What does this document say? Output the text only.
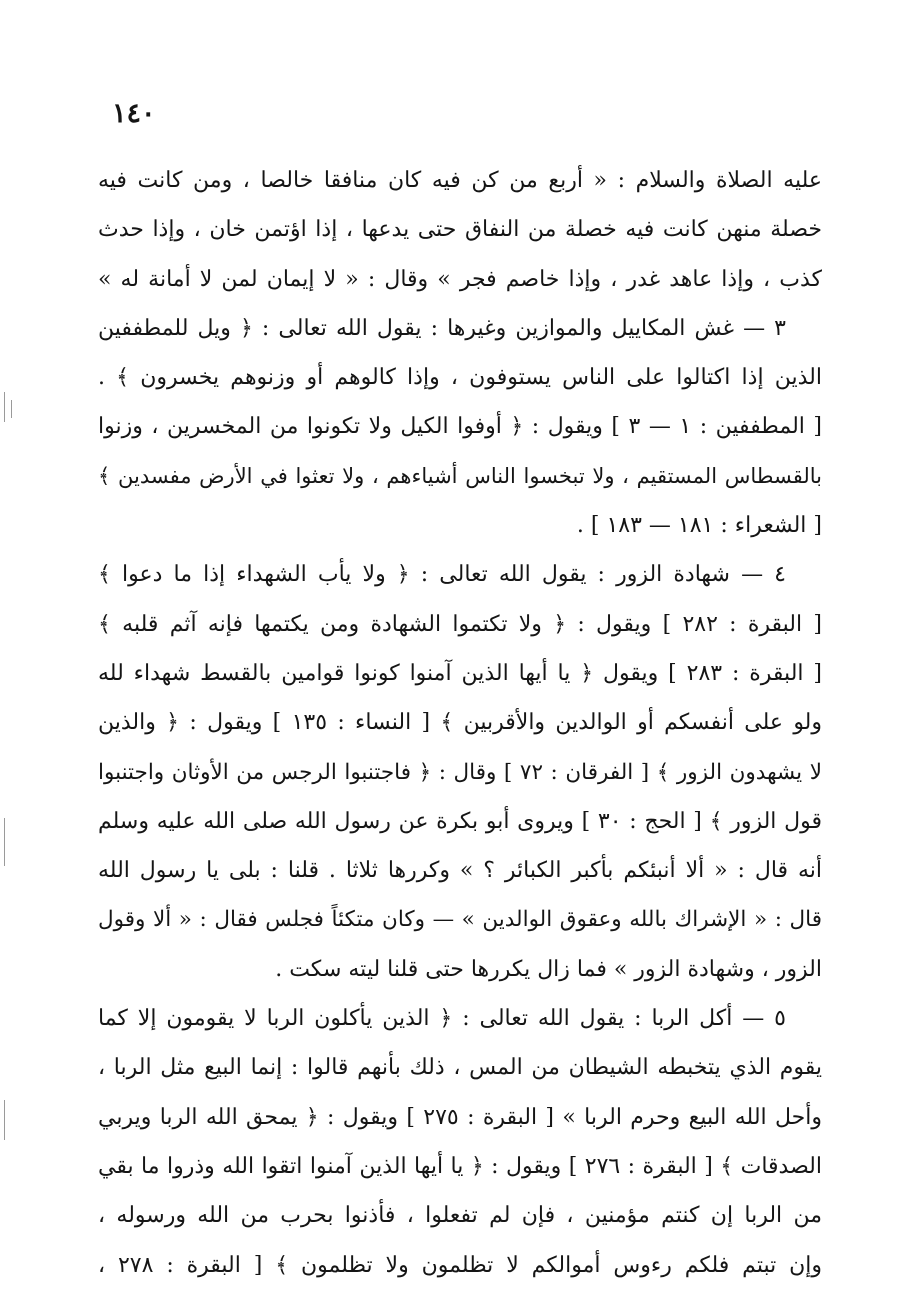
١٤٠
عليه الصلاة والسلام : « أربع من كن فيه كان منافقا خالصا ، ومن كانت فيه
خصلة منهن كانت فيه خصلة من النفاق حتى يدعها ، إذا اؤتمن خان ، وإذا حدث
كذب ، وإذا عاهد غدر ، وإذا خاصم فجر » وقال : « لا إيمان لمن لا أمانة له »
٣ — غش المكاييل والموازين وغيرها : يقول الله تعالى : ﴿ ويل للمطففين
الذين إذا اكتالوا على الناس يستوفون ، وإذا كالوهم أو وزنوهم يخسرون ﴾ .
[ المطففين : ١ — ٣ ] ويقول : ﴿ أوفوا الكيل ولا تكونوا من المخسرين ، وزنوا
بالقسطاس المستقيم ، ولا تبخسوا الناس أشياءهم ، ولا تعثوا في الأرض مفسدين ﴾
[ الشعراء : ١٨١ — ١٨٣ ] .
٤ — شهادة الزور : يقول الله تعالى : ﴿ ولا يأب الشهداء إذا ما دعوا ﴾
[ البقرة : ٢٨٢ ] ويقول : ﴿ ولا تكتموا الشهادة ومن يكتمها فإنه آثم قلبه ﴾
[ البقرة : ٢٨٣ ] ويقول ﴿ يا أيها الذين آمنوا كونوا قوامين بالقسط شهداء لله
ولو على أنفسكم أو الوالدين والأقربين ﴾ [ النساء : ١٣٥ ] ويقول : ﴿ والذين
لا يشهدون الزور ﴾ [ الفرقان : ٧٢ ] وقال : ﴿ فاجتنبوا الرجس من الأوثان واجتنبوا
قول الزور ﴾ [ الحج : ٣٠ ] ويروى أبو بكرة عن رسول الله صلى الله عليه وسلم
أنه قال : « ألا أنبئكم بأكبر الكبائر ؟ » وكررها ثلاثا . قلنا : بلى يا رسول الله
قال : « الإشراك بالله وعقوق الوالدين » — وكان متكئاً فجلس فقال : « ألا وقول
الزور ، وشهادة الزور » فما زال يكررها حتى قلنا ليته سكت .
٥ — أكل الربا : يقول الله تعالى : ﴿ الذين يأكلون الربا لا يقومون إلا كما
يقوم الذي يتخبطه الشيطان من المس ، ذلك بأنهم قالوا : إنما البيع مثل الربا ،
وأحل الله البيع وحرم الربا » [ البقرة : ٢٧٥ ] ويقول : ﴿ يمحق الله الربا ويربي
الصدقات ﴾ [ البقرة : ٢٧٦ ] ويقول : ﴿ يا أيها الذين آمنوا اتقوا الله وذروا ما بقي
من الربا إن كنتم مؤمنين ، فإن لم تفعلوا ، فأذنوا بحرب من الله ورسوله ،
وإن تبتم فلكم رءوس أموالكم لا تظلمون ولا تظلمون ﴾ [ البقرة : ٢٧٨ ،
